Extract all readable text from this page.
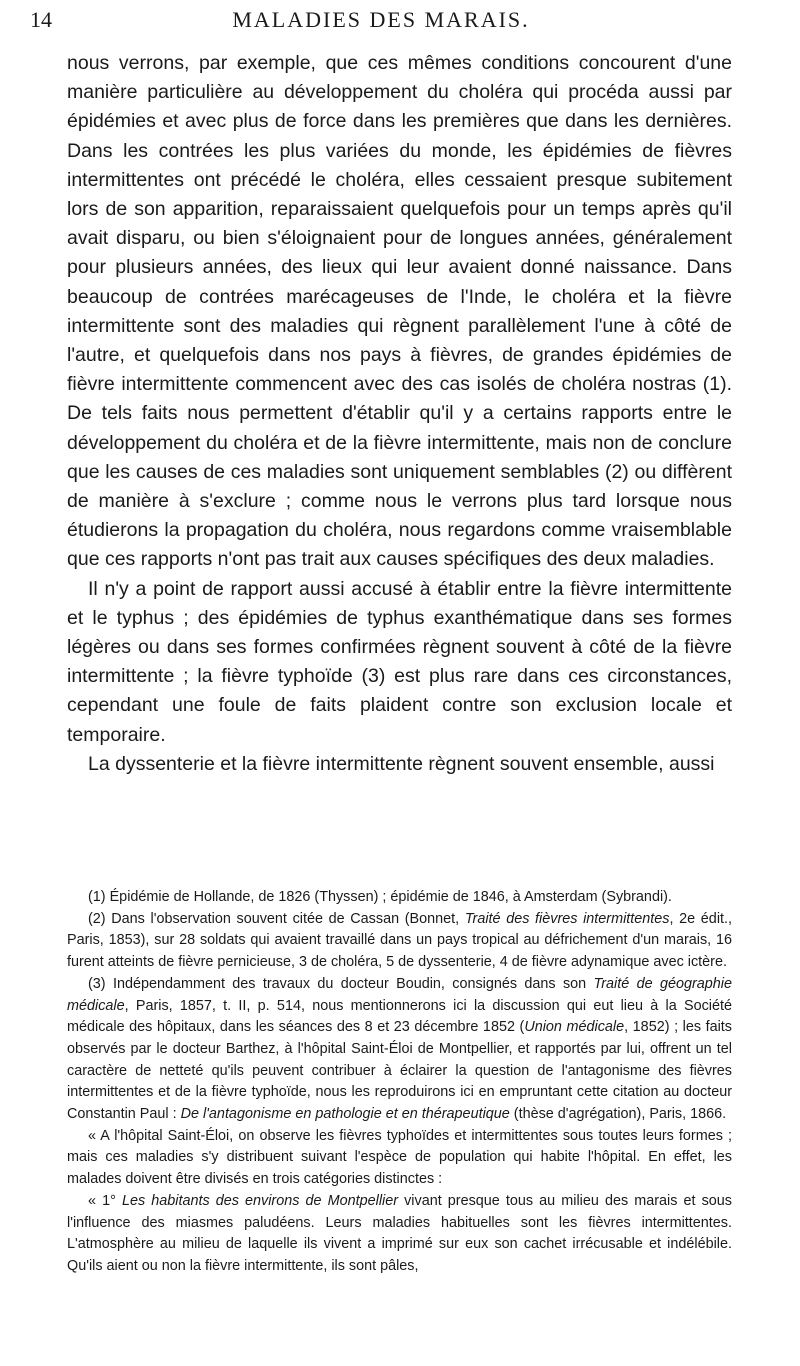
14	MALADIES DES MARAIS.

nous verrons, par exemple, que ces mêmes conditions concourent d'une manière particulière au développement du choléra qui procéda aussi par épidémies et avec plus de force dans les premières que dans les dernières. Dans les contrées les plus variées du monde, les épidémies de fièvres intermittentes ont précédé le choléra, elles cessaient presque subitement lors de son apparition, reparaissaient quelquefois pour un temps après qu'il avait disparu, ou bien s'éloignaient pour de longues années, généralement pour plusieurs années, des lieux qui leur avaient donné naissance. Dans beaucoup de contrées marécageuses de l'Inde, le choléra et la fièvre intermittente sont des maladies qui règnent parallèlement l'une à côté de l'autre, et quelquefois dans nos pays à fièvres, de grandes épidémies de fièvre intermittente commencent avec des cas isolés de choléra nostras (1). De tels faits nous permettent d'établir qu'il y a certains rapports entre le développement du choléra et de la fièvre intermittente, mais non de conclure que les causes de ces maladies sont uniquement semblables (2) ou diffèrent de manière à s'exclure ; comme nous le verrons plus tard lorsque nous étudierons la propagation du choléra, nous regardons comme vraisemblable que ces rapports n'ont pas trait aux causes spécifiques des deux maladies.

Il n'y a point de rapport aussi accusé à établir entre la fièvre intermittente et le typhus ; des épidémies de typhus exanthématique dans ses formes légères ou dans ses formes confirmées règnent souvent à côté de la fièvre intermittente ; la fièvre typhoïde (3) est plus rare dans ces circonstances, cependant une foule de faits plaident contre son exclusion locale et temporaire.

La dyssenterie et la fièvre intermittente règnent souvent ensemble, aussi

(1) Épidémie de Hollande, de 1826 (Thyssen) ; épidémie de 1846, à Amsterdam (Sybrandi).

(2) Dans l'observation souvent citée de Cassan (Bonnet, Traité des fièvres intermittentes, 2e édit., Paris, 1853), sur 28 soldats qui avaient travaillé dans un pays tropical au défrichement d'un marais, 16 furent atteints de fièvre pernicieuse, 3 de choléra, 5 de dyssenterie, 4 de fièvre adynamique avec ictère.

(3) Indépendamment des travaux du docteur Boudin, consignés dans son Traité de géographie médicale, Paris, 1857, t. II, p. 514, nous mentionnerons ici la discussion qui eut lieu à la Société médicale des hôpitaux, dans les séances des 8 et 23 décembre 1852 (Union médicale, 1852) ; les faits observés par le docteur Barthez, à l'hôpital Saint-Éloi de Montpellier, et rapportés par lui, offrent un tel caractère de netteté qu'ils peuvent contribuer à éclairer la question de l'antagonisme des fièvres intermittentes et de la fièvre typhoïde, nous les reproduirons ici en empruntant cette citation au docteur Constantin Paul : De l'antagonisme en pathologie et en thérapeutique (thèse d'agrégation), Paris, 1866.

« A l'hôpital Saint-Éloi, on observe les fièvres typhoïdes et intermittentes sous toutes leurs formes ; mais ces maladies s'y distribuent suivant l'espèce de population qui habite l'hôpital. En effet, les malades doivent être divisés en trois catégories distinctes :

« 1° Les habitants des environs de Montpellier vivant presque tous au milieu des marais et sous l'influence des miasmes paludéens. Leurs maladies habituelles sont les fièvres intermittentes. L'atmosphère au milieu de laquelle ils vivent a imprimé sur eux son cachet irrécusable et indélébile. Qu'ils aient ou non la fièvre intermittente, ils sont pâles,
